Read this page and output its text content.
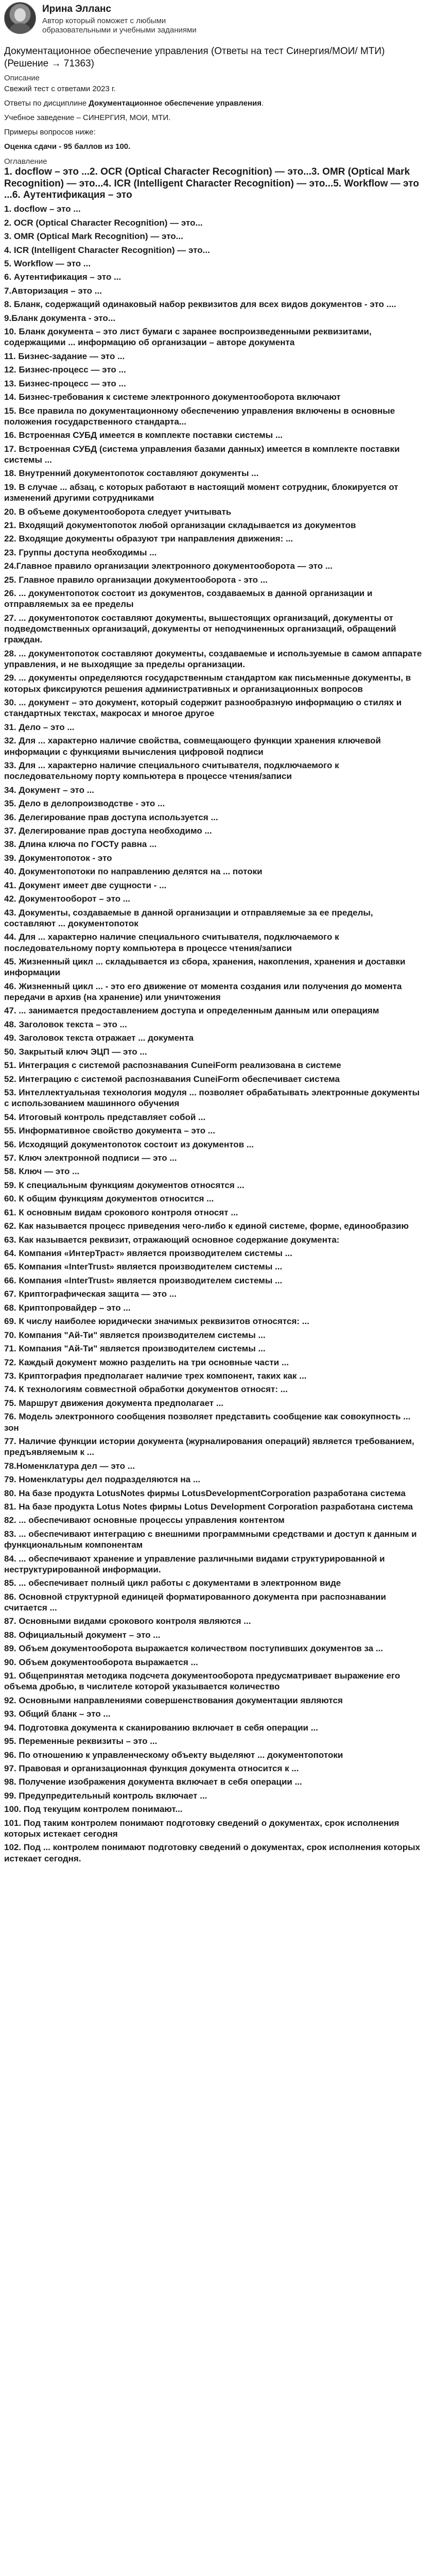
Ирина Элланс
Автор который поможет с любыми образовательными и учебными заданиями
Документационное обеспечение управления (Ответы на тест Синергия/МОИ/ МТИ) (Решение → 71363)
Описание
Свежий тест с ответами 2023 г.
Ответы по дисциплине Документационное обеспечение управления.
Учебное заведение – СИНЕРГИЯ, МОИ, МТИ.
Примеры вопросов ниже:
Оценка сдачи - 95 баллов из 100.
Оглавление
1. docflow – это ...2. OCR (Optical Character Recognition) — это...3. OMR (Optical Mark Recognition) — это...4. ICR (Intelligent Character Recognition) — это...5. Workflow — это ...6. Аутентификация – это
1. docflow – это ...
2. OCR (Optical Character Recognition) — это...
3. OMR (Optical Mark Recognition) — это...
4. ICR (Intelligent Character Recognition) — это...
5. Workflow — это ...
6. Аутентификация – это ...
7.Авторизация – это ...
8. Бланк, содержащий одинаковый набор реквизитов для всех видов документов - это ....
9.Бланк документа - это...
10. Бланк документа – это лист бумаги с заранее воспроизведенными реквизитами, содержащими ... информацию об организации – авторе документа
11. Бизнес-задание — это ...
12. Бизнес-процесс — это ...
13. Бизнес-процесс — это ...
14. Бизнес-требования к системе электронного документооборота включают
15. Все правила по документационному обеспечению управления включены в основные положения государственного стандарта...
16. Встроенная СУБД имеется в комплекте поставки системы ...
17. Встроенная СУБД (система управления базами данных) имеется в комплекте поставки системы ...
18. Внутренний документопоток составляют документы ...
19. В случае ... абзац, с которых работают в настоящий момент сотрудник, блокируется от изменений другими сотрудниками
20. В объеме документооборота следует учитывать
21. Входящий документопоток любой организации складывается из документов
22. Входящие документы образуют три направления движения: ...
23. Группы доступа необходимы ...
24.Главное правило организации электронного документооборота — это ...
25. Главное правило организации документооборота - это ...
26. ... документопоток состоит из документов, создаваемых в данной организации и отправляемых за ее пределы
27. ... документопоток составляют документы, вышестоящих организаций, документы от подведомственных организаций, документы от неподчиненных организаций, обращений граждан.
28. ... документопоток составляют документы, создаваемые и используемые в самом аппарате управления, и не выходящие за пределы организации.
29. ... документы определяются государственным стандартом как письменные документы, в которых фиксируются решения административных и организационных вопросов
30. ... документ – это документ, который содержит разнообразную информацию о стилях и стандартных текстах, макросах и многое другое
31. Дело – это ...
32. Для ... характерно наличие свойства, совмещающего функции хранения ключевой информации с функциями вычисления цифровой подписи
33. Для ... характерно наличие специального считывателя, подключаемого к последовательному порту компьютера в процессе чтения/записи
34. Документ – это ...
35. Дело в делопроизводстве - это ...
36. Делегирование прав доступа используется ...
37. Делегирование прав доступа необходимо ...
38. Длина ключа по ГОСТу равна ...
39. Документопоток - это
40. Документопотоки по направлению делятся на ... потоки
41. Документ имеет две сущности - ...
42. Документооборот – это ...
43. Документы, создаваемые в данной организации и отправляемые за ее пределы, составляют ... документопоток
44. Для ... характерно наличие специального считывателя, подключаемого к последовательному порту компьютера в процессе чтения/записи
45. Жизненный цикл ... складывается из сбора, хранения, накопления, хранения и доставки информации
46. Жизненный цикл ... - это его движение от момента создания или получения до момента передачи в архив (на хранение) или уничтожения
47. ... занимается предоставлением доступа и определенным данным или операциям
48. Заголовок текста – это ...
49. Заголовок текста отражает ... документа
50. Закрытый ключ ЭЦП — это ...
51. Интеграция с системой распознавания CuneiForm реализована в системе
52. Интеграцию с системой распознавания CuneiForm обеспечивает система
53. Интеллектуальная технология модуля ... позволяет обрабатывать электронные документы с использованием машинного обучения
54. Итоговый контроль представляет собой ...
55. Информативное свойство документа – это ...
56. Исходящий документопоток состоит из документов ...
57. Ключ электронной подписи — это ...
58. Ключ — это ...
59. К специальным функциям документов относятся ...
60. К общим функциям документов относится ...
61. К основным видам срокового контроля относят ...
62. Как называется процесс приведения чего-либо к единой системе, форме, единообразию
63. Как называется реквизит, отражающий основное содержание документа:
64. Компания «ИнтерТраст» является производителем системы ...
65. Компания «InterTrust» является производителем системы ...
66. Компания «InterTrust» является производителем системы ...
67. Криптографическая защита — это ...
68. Криптопровайдер – это ...
69. К числу наиболее юридически значимых реквизитов относятся: ...
70. Компания "Ай-Ти" является производителем системы ...
71. Компания "Ай-Ти" является производителем системы ...
72. Каждый документ можно разделить на три основные части ...
73. Криптография предполагает наличие трех компонент, таких как ...
74. К технологиям совместной обработки документов относят: ...
75. Маршрут движения документа предполагает ...
76. Модель электронного сообщения позволяет представить сообщение как совокупность ... зон
77. Наличие функции истории документа (журналирования операций) является требованием, предъявляемым к ...
78.Номенклатура дел — это ...
79. Номенклатуры дел подразделяются на ...
80. На базе продукта LotusNotes фирмы LotusDevelopmentCorporation разработана система
81. На базе продукта Lotus Notes фирмы Lotus Development Corporation разработана система
82. ... обеспечивают основные процессы управления контентом
83. ... обеспечивают интеграцию с внешними программными средствами и доступ к данным и функциональным компонентам
84. ... обеспечивают хранение и управление различными видами структурированной и неструктурированной информации.
85. ... обеспечивает полный цикл работы с документами в электронном виде
86. Основной структурной единицей форматированного документа при распознавании считается ...
87. Основными видами срокового контроля являются ...
88. Официальный документ – это ...
89. Объем документооборота выражается количеством поступивших документов за ...
90. Объем документооборота выражается ...
91. Общепринятая методика подсчета документооборота предусматривает выражение его объема дробью, в числителе которой указывается количество
92. Основными направлениями совершенствования документации являются
93. Общий бланк – это ...
94. Подготовка документа к сканированию включает в себя операции ...
95. Переменные реквизиты – это ...
96. По отношению к управленческому объекту выделяют ... документопотоки
97. Правовая и организационная функция документа относится к ...
98. Получение изображения документа включает в себя операции ...
99. Предупредительный контроль включает ...
100. Под текущим контролем понимают...
101. Под таким контролем понимают подготовку сведений о документах, срок исполнения которых истекает сегодня
102. Под ... контролем понимают подготовку сведений о документах, срок исполнения которых истекает сегодня.
